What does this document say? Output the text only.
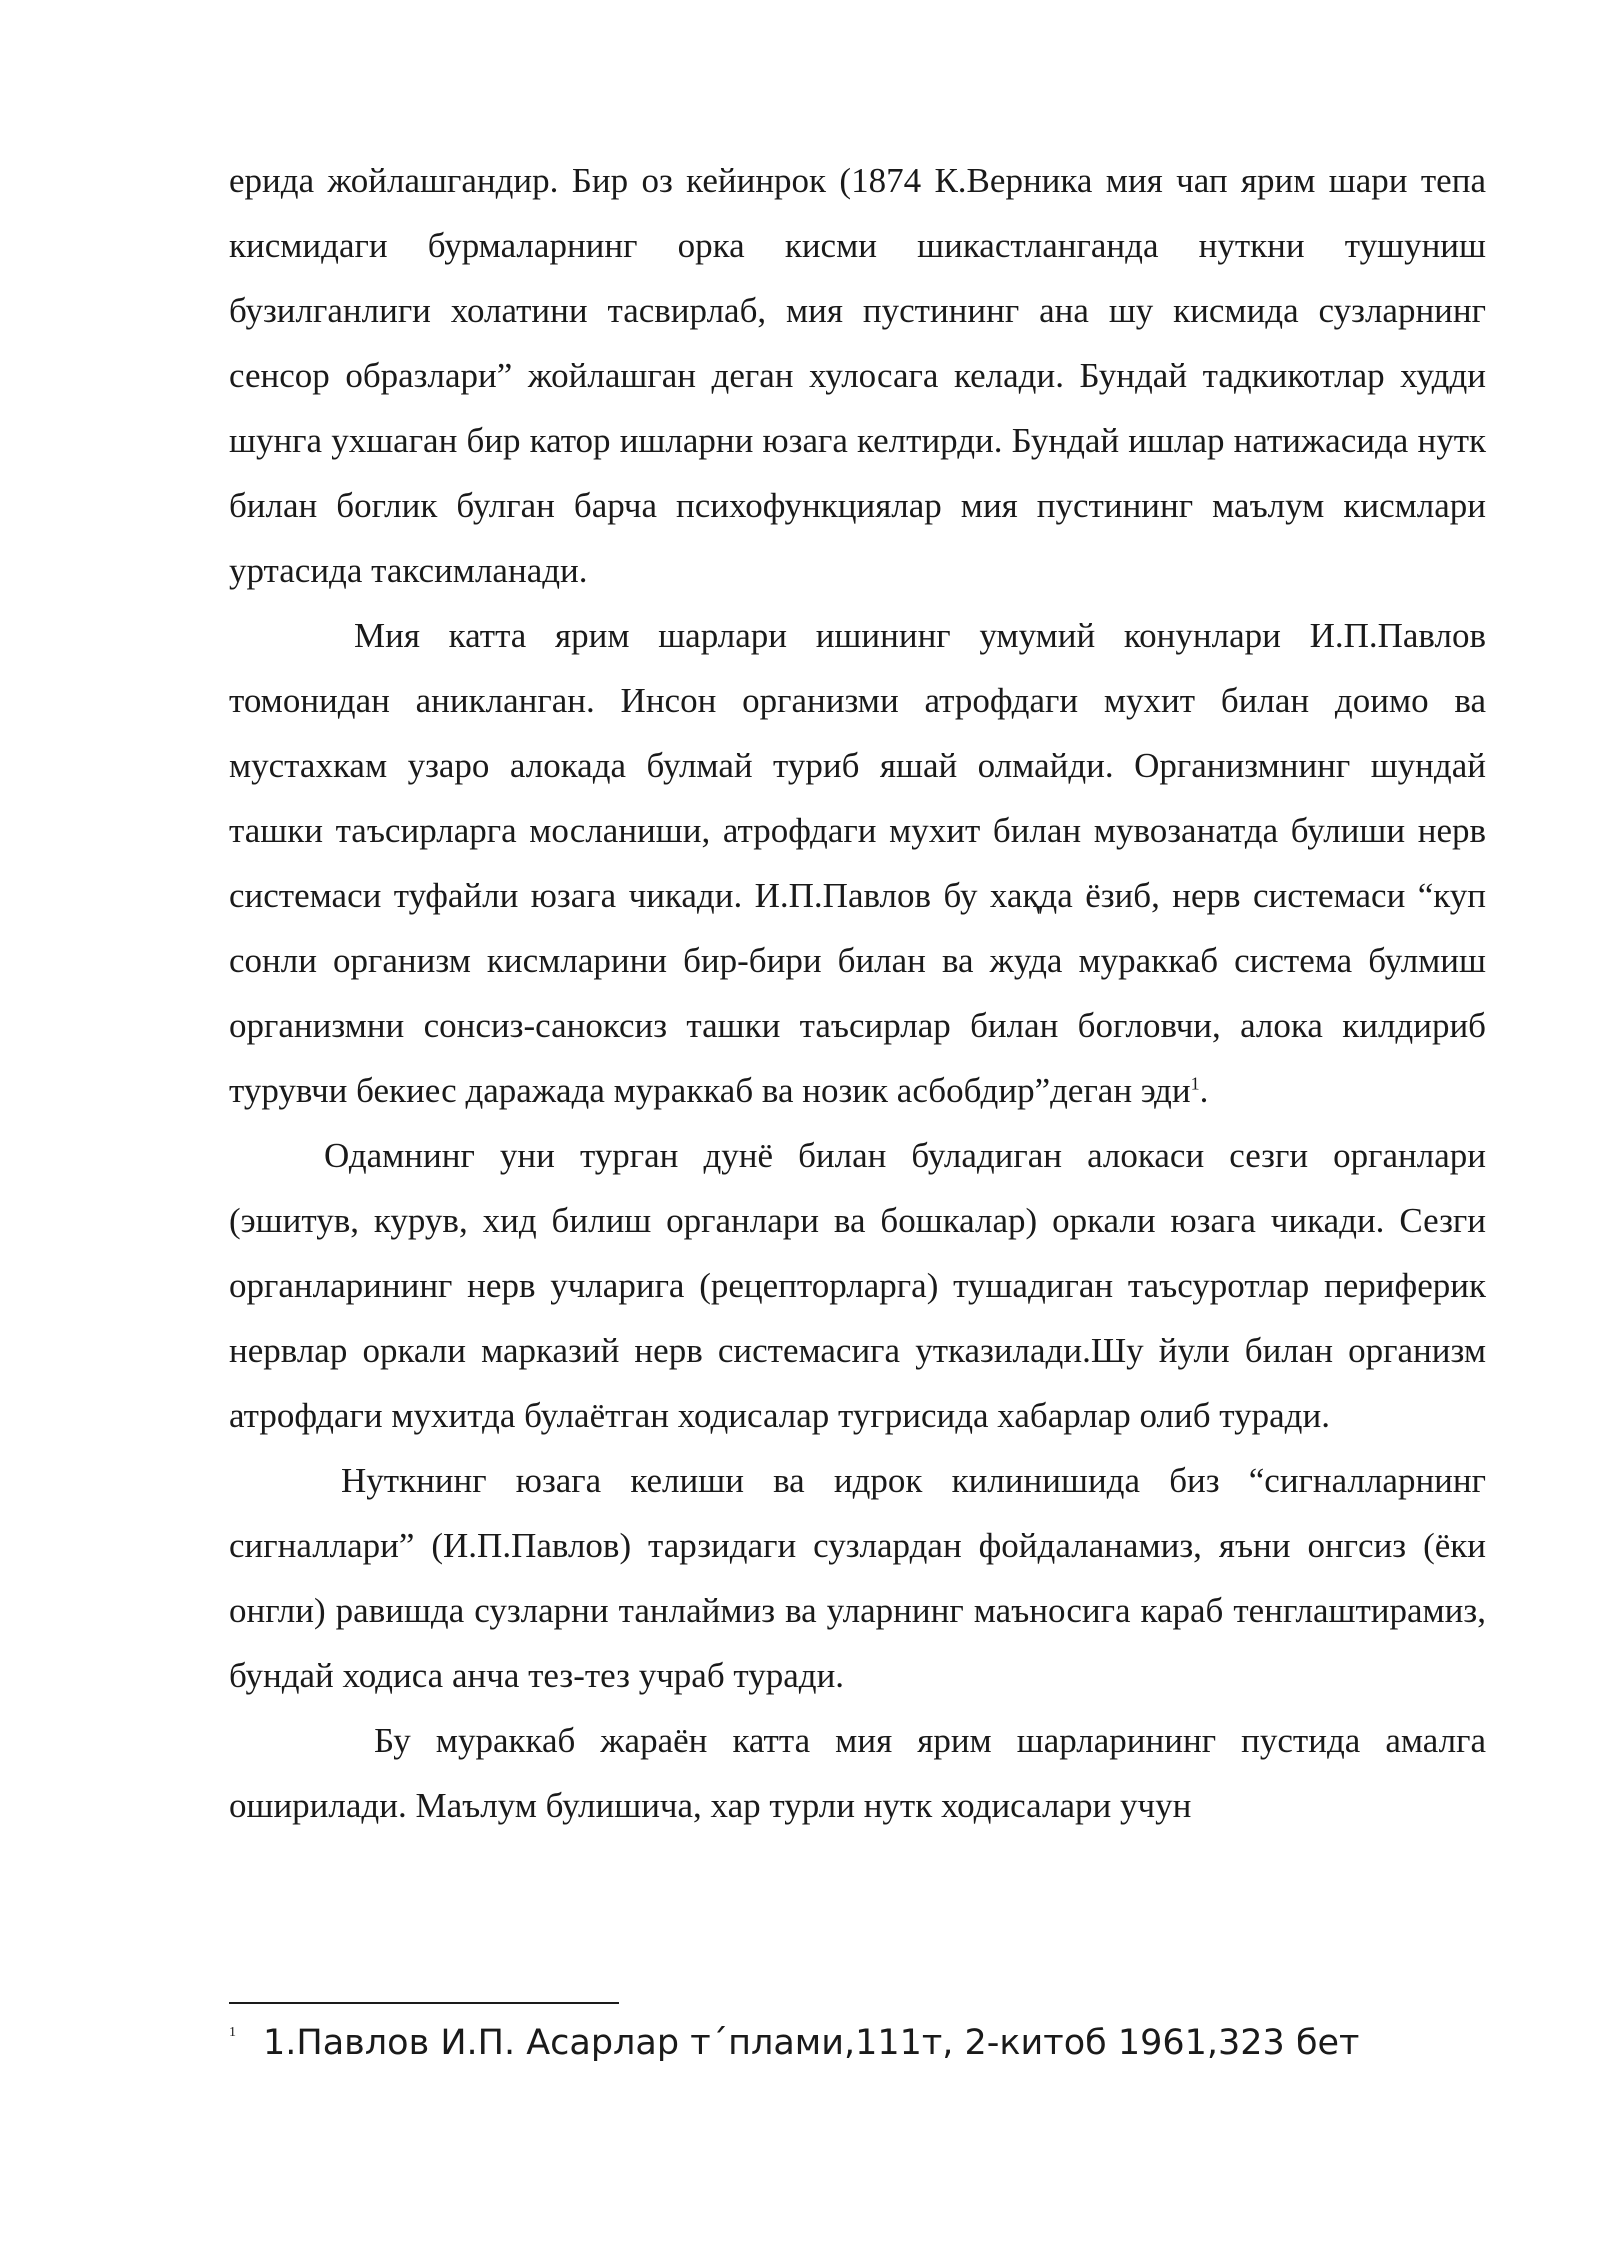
ерида жойлашгандир. Бир оз кейинрок (1874 К.Верника мия чап ярим шари тепа кисмидаги бурмаларнинг орка кисми шикастланганда нуткни тушуниш бузилганлиги холатини тасвирлаб, мия пустининг ана шу кисмида сузларнинг сенсор образлари” жойлашган деган хулосага келади. Бундай тадкикотлар худди шунга ухшаган бир катор ишларни юзага келтирди. Бундай ишлар натижасида нутк билан боглик булган барча психофункциялар мия пустининг маълум кисмлари уртасида таксимланади.

Мия катта ярим шарлари ишининг умумий конунлари И.П.Павлов томонидан аникланган. Инсон организми атрофдаги мухит билан доимо ва мустахкам узаро алокада булмай туриб яшай олмайди. Организмнинг шундай ташки таъсирларга мосланиши, атрофдаги мухит билан мувозанатда булиши нерв системаси туфайли юзага чикади. И.П.Павлов бу хақда ёзиб, нерв системаси “куп сонли организм кисмларини бир-бири билан ва жуда мураккаб система булмиш организмни сонсиз-саноксиз ташки таъсирлар билан богловчи, алока килдириб турувчи бекиес даражада мураккаб ва нозик асбобдир”деган эди$^1$.

Одамнинг уни турган дунё билан буладиган алокаси сезги органлари (эшитув, курув, хид билиш органлари ва бошкалар) оркали юзага чикади. Сезги органларининг нерв учларига (рецепторларга) тушадиган таъсуротлар периферик нервлар оркали марказий нерв системасига утказилади.Шу йули билан организм атрофдаги мухитда булаётган ходисалар тугрисида хабарлар олиб туради.

Нуткнинг юзага келиши ва идрок килинишида биз “сигналларнинг сигналлари” (И.П.Павлов) тарзидаги сузлардан фойдаланамиз, яъни онгсиз (ёки онгли) равишда сузларни танлаймиз ва уларнинг маъносига караб тенглаштирамиз, бундай ходиса анча тез-тез учраб туради.

Бу мураккаб жараён катта мия ярим шарларининг пустида амалга оширилади. Маълум булишича, хар турли нутк ходисалари учун

1 1.Павлов И.П. Асарлар т΄плами,111т, 2-китоб 1961,323 бет
